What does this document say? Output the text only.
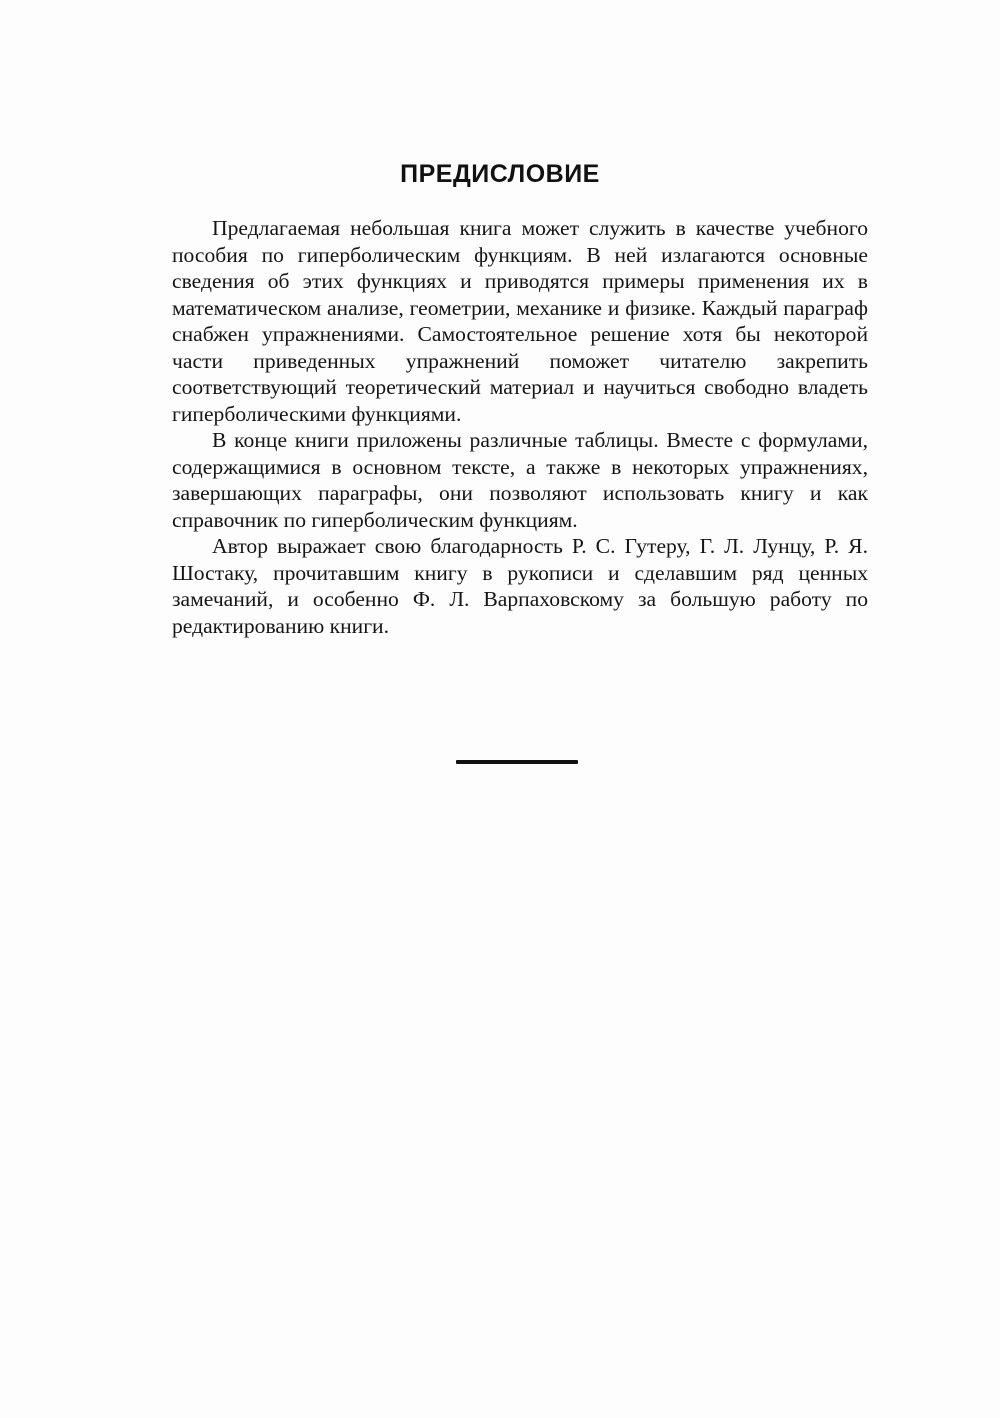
ПРЕДИСЛОВИЕ

Предлагаемая небольшая книга может служить в качестве учебного пособия по гиперболическим функциям. В ней излагаются основные сведения об этих функциях и приводятся примеры применения их в математическом анализе, геометрии, механике и физике. Каждый параграф снабжен упражнениями. Самостоятельное решение хотя бы некоторой части приведенных упражнений поможет читателю закрепить соответствующий теоретический материал и научиться свободно владеть гиперболическими функциями.

В конце книги приложены различные таблицы. Вместе с формулами, содержащимися в основном тексте, а также в некоторых упражнениях, завершающих параграфы, они позволяют использовать книгу и как справочник по гиперболическим функциям.

Автор выражает свою благодарность Р. С. Гутеру, Г. Л. Лунцу, Р. Я. Шостаку, прочитавшим книгу в рукописи и сделавшим ряд ценных замечаний, и особенно Ф. Л. Варпаховскому за большую работу по редактированию книги.
